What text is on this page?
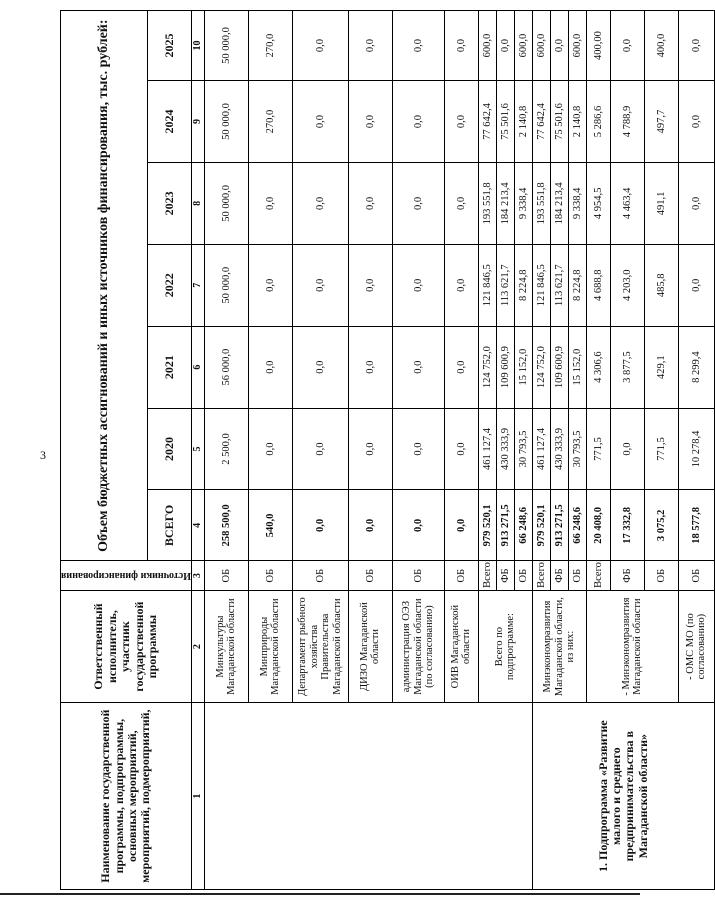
3
Наименование государственной программы, подпрограммы, основных мероприятий, мероприятий, подмероприятий,	Ответственный исполнитель, участник государственной программы	Источники финансирования	Объем бюджетных ассигнований и иных источников финансирования, тыс. рублей:						
			ВСЕГО	2020	2021	2022	2023	2024	2025
1	2	3	4	5	6	7	8	9	10
	Минкультуры Магаданской области	ОБ	258 500,0	2 500,0	56 000,0	50 000,0	50 000,0	50 000,0	50 000,0
	Минприроды Магаданской области	ОБ	540,0	0,0	0,0	0,0	0,0	270,0	270,0
	Департамент рыбного хозяйства Правительства Магаданской области	ОБ	0,0	0,0	0,0	0,0	0,0	0,0	0,0
	ДИЗО Магаданской области	ОБ	0,0	0,0	0,0	0,0	0,0	0,0	0,0
	администрация ОЭЗ Магаданской области (по согласованию)	ОБ	0,0	0,0	0,0	0,0	0,0	0,0	0,0
	ОИВ Магаданской области	ОБ	0,0	0,0	0,0	0,0	0,0	0,0	0,0
	Всего по подпрограмме:	Всего:	979 520,1	461 127,4	124 752,0	121 846,5	193 551,8	77 642,4	600,0
		ФБ	913 271,5	430 333,9	109 600,9	113 621,7	184 213,4	75 501,6	0,0
		ОБ	66 248,6	30 793,5	15 152,0	8 224,8	9 338,4	2 140,8	600,0
1. Подпрограмма «Развитие малого и среднего предпринимательства в Магаданской области»	Минэкономразвития Магаданской области, из них:	Всего:	979 520,1	461 127,4	124 752,0	121 846,5	193 551,8	77 642,4	600,0
		ФБ	913 271,5	430 333,9	109 600,9	113 621,7	184 213,4	75 501,6	0,0
		ОБ	66 248,6	30 793,5	15 152,0	8 224,8	9 338,4	2 140,8	600,0
	- Минэкономразвития Магаданской области	Всего:	20 408,0	771,5	4 306,6	4 688,8	4 954,5	5 286,6	400,00
		ФБ	17 332,8	0,0	3 877,5	4 203,0	4 463,4	4 788,9	0,0
		ОБ	3 075,2	771,5	429,1	485,8	491,1	497,7	400,0
	- ОМС МО (по согласованию)	ОБ	18 577,8	10 278,4	8 299,4	0,0	0,0	0,0	0,0
